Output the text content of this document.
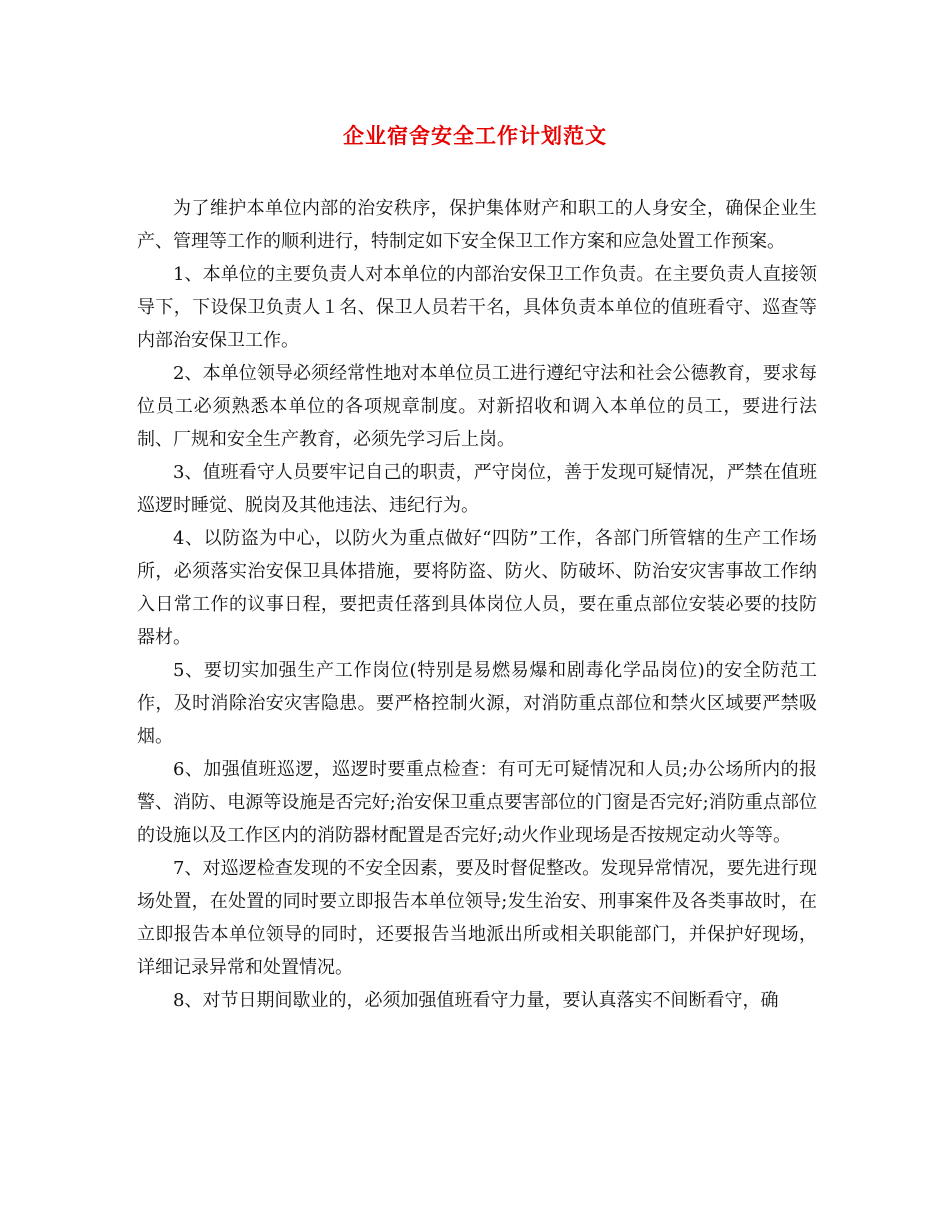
企业宿舍安全工作计划范文

为了维护本单位内部的治安秩序，保护集体财产和职工的人身安全，确保企业生产、管理等工作的顺利进行，特制定如下安全保卫工作方案和应急处置工作预案。

1、本单位的主要负责人对本单位的内部治安保卫工作负责。在主要负责人直接领导下，下设保卫负责人１名、保卫人员若干名，具体负责本单位的值班看守、巡查等内部治安保卫工作。

2、本单位领导必须经常性地对本单位员工进行遵纪守法和社会公德教育，要求每位员工必须熟悉本单位的各项规章制度。对新招收和调入本单位的员工，要进行法制、厂规和安全生产教育，必须先学习后上岗。

3、值班看守人员要牢记自己的职责，严守岗位，善于发现可疑情况，严禁在值班巡逻时睡觉、脱岗及其他违法、违纪行为。

4、以防盗为中心，以防火为重点做好“四防”工作，各部门所管辖的生产工作场所，必须落实治安保卫具体措施，要将防盗、防火、防破坏、防治安灾害事故工作纳入日常工作的议事日程，要把责任落到具体岗位人员，要在重点部位安装必要的技防器材。

5、要切实加强生产工作岗位(特别是易燃易爆和剧毒化学品岗位)的安全防范工作，及时消除治安灾害隐患。要严格控制火源，对消防重点部位和禁火区域要严禁吸烟。

6、加强值班巡逻，巡逻时要重点检查：有可无可疑情况和人员;办公场所内的报警、消防、电源等设施是否完好;治安保卫重点要害部位的门窗是否完好;消防重点部位的设施以及工作区内的消防器材配置是否完好;动火作业现场是否按规定动火等等。

7、对巡逻检查发现的不安全因素，要及时督促整改。发现异常情况，要先进行现场处置，在处置的同时要立即报告本单位领导;发生治安、刑事案件及各类事故时，在立即报告本单位领导的同时，还要报告当地派出所或相关职能部门，并保护好现场，详细记录异常和处置情况。

8、对节日期间歇业的，必须加强值班看守力量，要认真落实不间断看守，确
